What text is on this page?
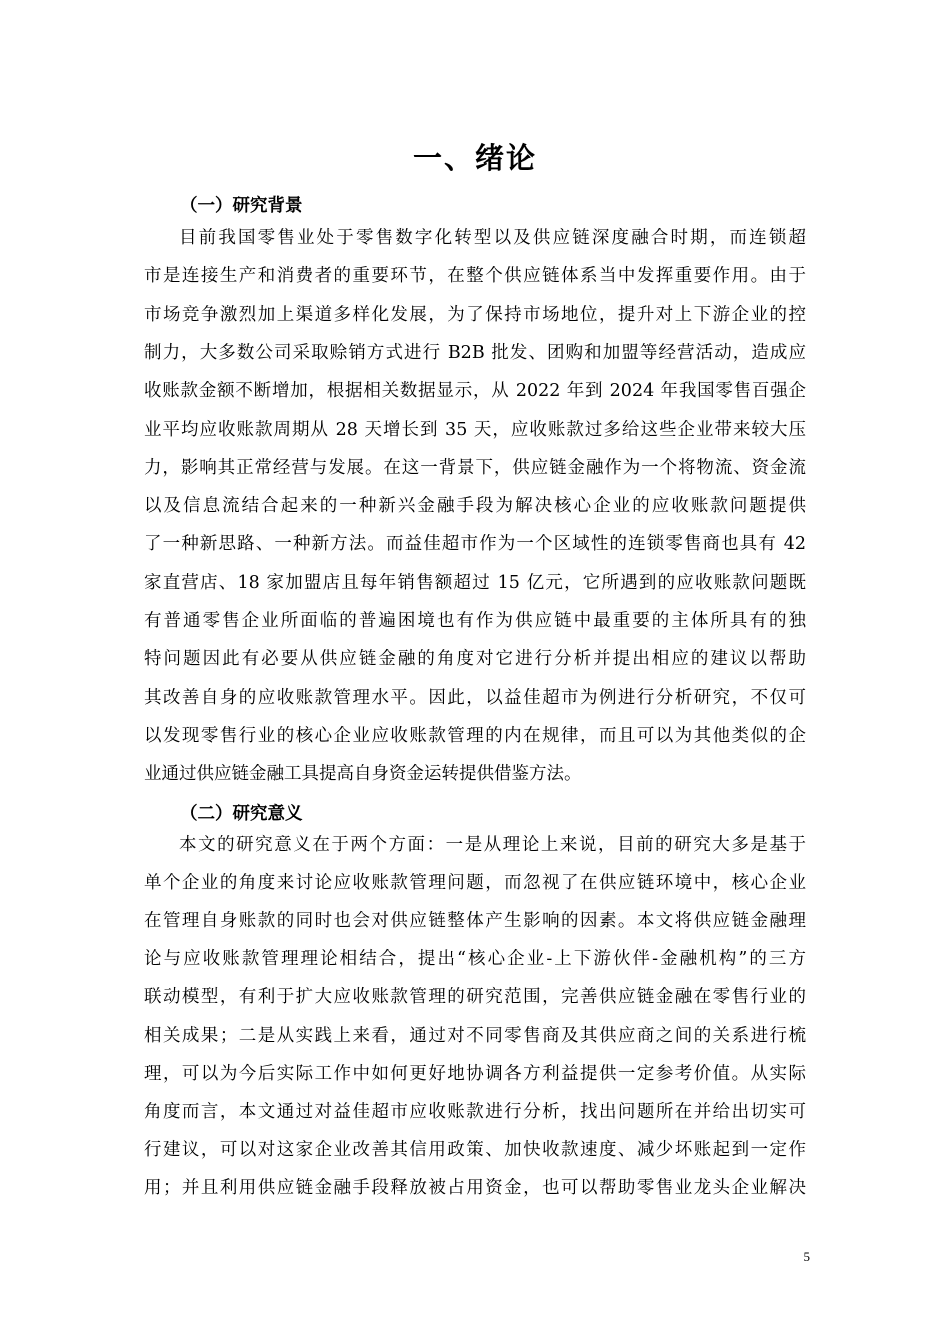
一、绪论
（一）研究背景

目前我国零售业处于零售数字化转型以及供应链深度融合时期，而连锁超

市是连接生产和消费者的重要环节，在整个供应链体系当中发挥重要作用。由于

市场竞争激烈加上渠道多样化发展，为了保持市场地位，提升对上下游企业的控

制力，大多数公司采取赊销方式进行 B2B 批发、团购和加盟等经营活动，造成应

收账款金额不断增加，根据相关数据显示，从 2022 年到 2024 年我国零售百强企

业平均应收账款周期从 28 天增长到 35 天，应收账款过多给这些企业带来较大压

力，影响其正常经营与发展。在这一背景下，供应链金融作为一个将物流、资金流

以及信息流结合起来的一种新兴金融手段为解决核心企业的应收账款问题提供

了一种新思路、一种新方法。而益佳超市作为一个区域性的连锁零售商也具有 42

家直营店、18 家加盟店且每年销售额超过 15 亿元，它所遇到的应收账款问题既

有普通零售企业所面临的普遍困境也有作为供应链中最重要的主体所具有的独

特问题因此有必要从供应链金融的角度对它进行分析并提出相应的建议以帮助

其改善自身的应收账款管理水平。因此，以益佳超市为例进行分析研究，不仅可

以发现零售行业的核心企业应收账款管理的内在规律，而且可以为其他类似的企

业通过供应链金融工具提高自身资金运转提供借鉴方法。

（二）研究意义

本文的研究意义在于两个方面：一是从理论上来说，目前的研究大多是基于

单个企业的角度来讨论应收账款管理问题，而忽视了在供应链环境中，核心企业

在管理自身账款的同时也会对供应链整体产生影响的因素。本文将供应链金融理

论与应收账款管理理论相结合，提出“核心企业-上下游伙伴-金融机构”的三方

联动模型，有利于扩大应收账款管理的研究范围，完善供应链金融在零售行业的

相关成果；二是从实践上来看，通过对不同零售商及其供应商之间的关系进行梳

理，可以为今后实际工作中如何更好地协调各方利益提供一定参考价值。从实际

角度而言，本文通过对益佳超市应收账款进行分析，找出问题所在并给出切实可

行建议，可以对这家企业改善其信用政策、加快收款速度、减少坏账起到一定作

用；并且利用供应链金融手段释放被占用资金，也可以帮助零售业龙头企业解决

5
